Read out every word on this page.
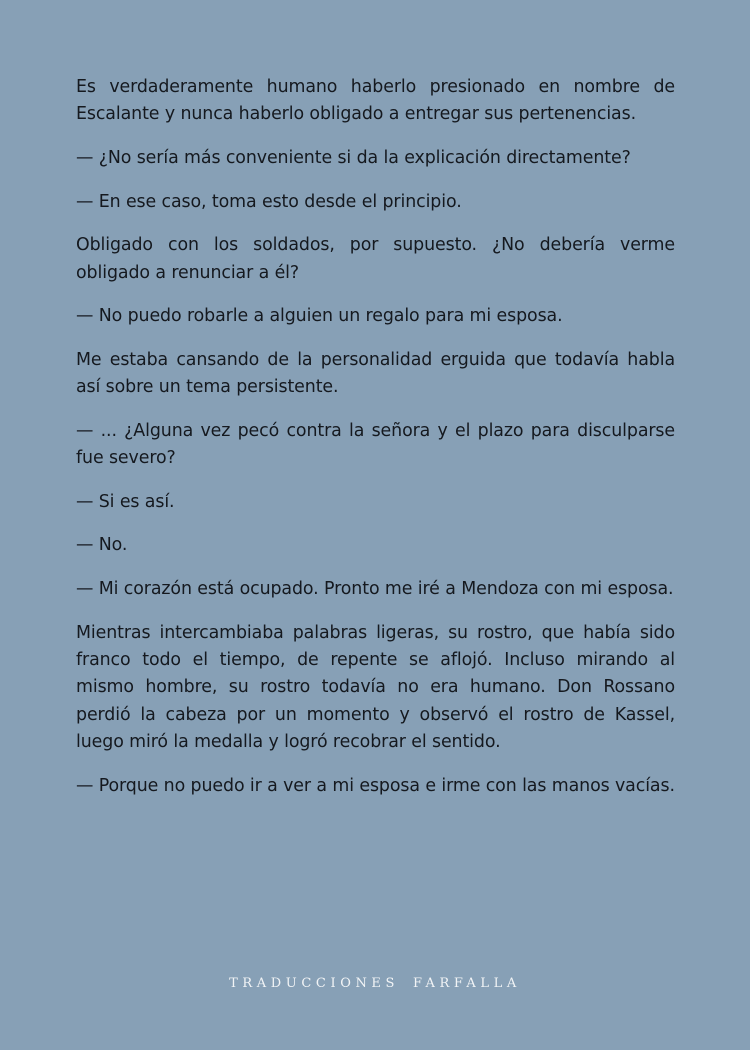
Es verdaderamente humano haberlo presionado en nombre de Escalante y nunca haberlo obligado a entregar sus pertenencias.

— ¿No sería más conveniente si da la explicación directamente?

— En ese caso, toma esto desde el principio.

Obligado con los soldados, por supuesto. ¿No debería verme obligado a renunciar a él?

— No puedo robarle a alguien un regalo para mi esposa.

Me estaba cansando de la personalidad erguida que todavía habla así sobre un tema persistente.

— ... ¿Alguna vez pecó contra la señora y el plazo para disculparse fue severo?

— Si es así.

— No.

— Mi corazón está ocupado. Pronto me iré a Mendoza con mi esposa.

Mientras intercambiaba palabras ligeras, su rostro, que había sido franco todo el tiempo, de repente se aflojó. Incluso mirando al mismo hombre, su rostro todavía no era humano. Don Rossano perdió la cabeza por un momento y observó el rostro de Kassel, luego miró la medalla y logró recobrar el sentido.

— Porque no puedo ir a ver a mi esposa e irme con las manos vacías.

TRADUCCIONES FARFALLA
